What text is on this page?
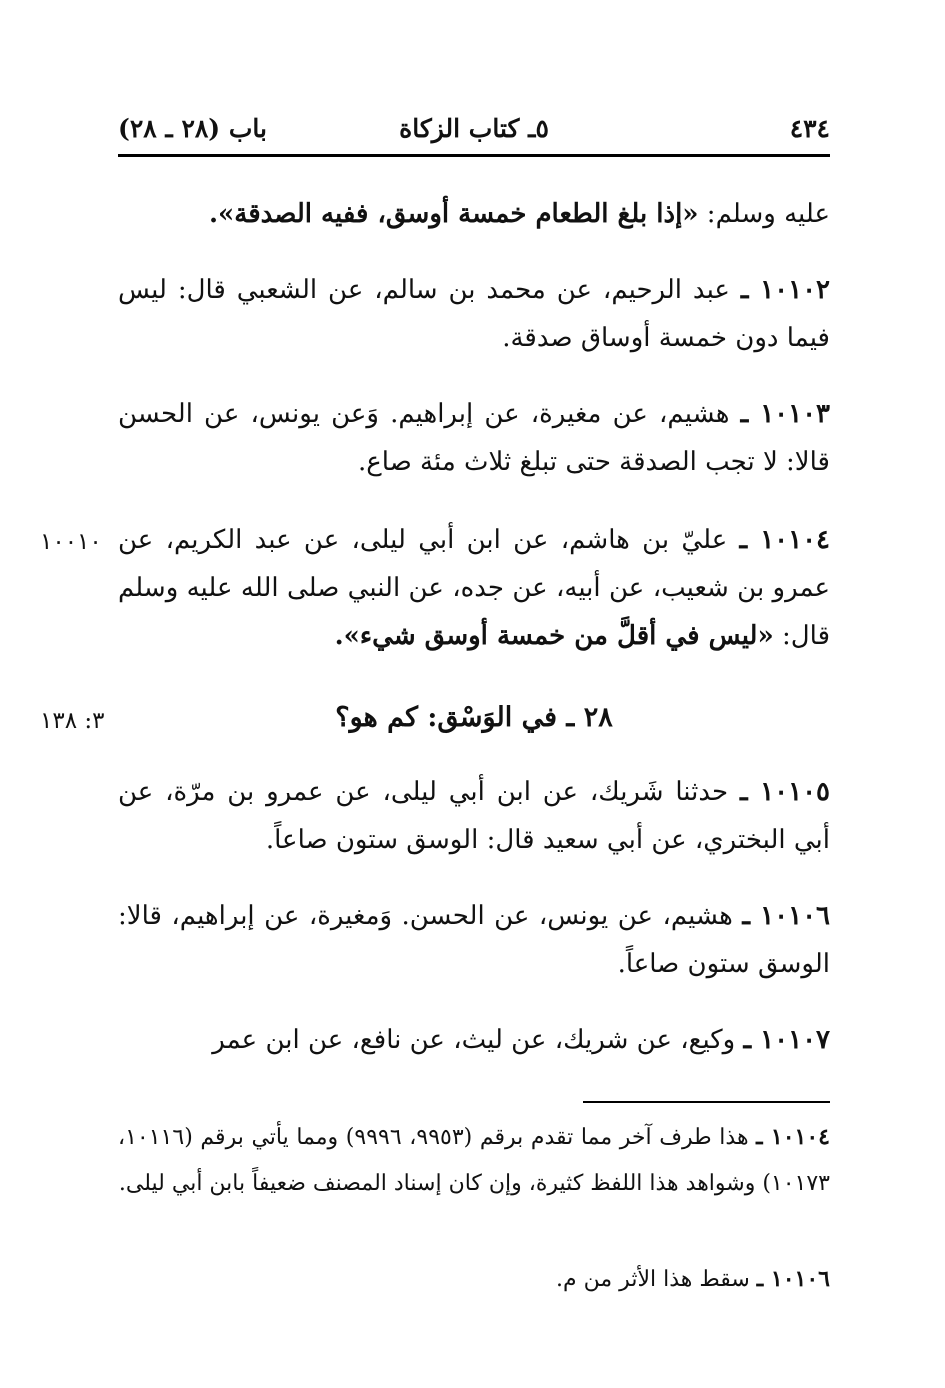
٤٣٤
٥ـ كتاب الزكاة
باب (٢٨ ـ ٢٨)

عليه وسلم: «إذا بلغ الطعام خمسة أوسق، ففيه الصدقة».

١٠١٠٢ ـ عبد الرحيم، عن محمد بن سالم، عن الشعبي قال: ليس فيما دون خمسة أوساق صدقة.

١٠١٠٣ ـ هشيم، عن مغيرة، عن إبراهيم. وَعن يونس، عن الحسن قالا: لا تجب الصدقة حتى تبلغ ثلاث مئة صاع.

١٠٠١٠	١٠١٠٤ ـ عليّ بن هاشم، عن ابن أبي ليلى، عن عبد الكريم، عن عمرو بن شعيب، عن أبيه، عن جده، عن النبي صلى الله عليه وسلم قال: «ليس في أقلَّ من خمسة أوسق شيء».

٣: ١٣٨	٢٨ ـ في الوَسْق: كم هو؟

١٠١٠٥ ـ حدثنا شَريك، عن ابن أبي ليلى، عن عمرو بن مرّة، عن أبي البختري، عن أبي سعيد قال: الوسق ستون صاعاً.

١٠١٠٦ ـ هشيم، عن يونس، عن الحسن. وَمغيرة، عن إبراهيم، قالا: الوسق ستون صاعاً.

١٠١٠٧ ـ وكيع، عن شريك، عن ليث، عن نافع، عن ابن عمر

١٠١٠٤ ـ هذا طرف آخر مما تقدم برقم (٩٩٥٣، ٩٩٩٦) ومما يأتي برقم (١٠١١٦، ١٠١٧٣) وشواهد هذا اللفظ كثيرة، وإن كان إسناد المصنف ضعيفاً بابن أبي ليلى.

١٠١٠٦ ـ سقط هذا الأثر من م.
